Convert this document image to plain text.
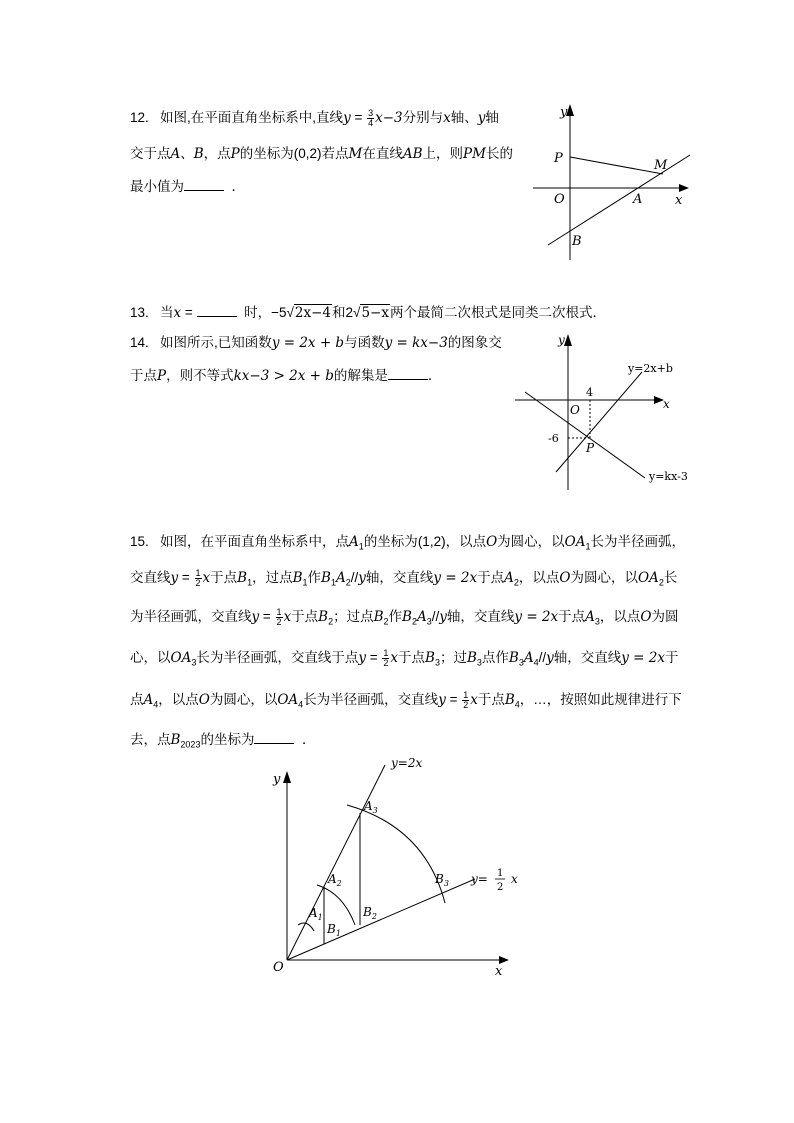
12. 如图,在平面直角坐标系中,直线$y = \frac{3}{4} x-3$分别与x轴、y轴
交于点A、B，点P的坐标为(0,2)若点M在直线AB上，则PM长的
最小值为	．
y
x
O
P	M
A
B
13. 当x =	时，−5√2x−4和2√5−x两个最简二次根式是同类二次根式．
14. 如图所示,已知函数y = 2x + b与函数y = kx−3的图象交
于点P，则不等式kx−3 > 2x + b的解集是	．
y
x
O
P
4
-6
y=2x+b
y=kx-3
15. 如图，在平面直角坐标系中，点$A_1$的坐标为(1,2)，以点O为圆心，以$OA_1$长为半径画弧，
交直线$y = \frac{1}{2}$ x于点$B_1$，过点$B_1$作$B_1A_2//y$轴，交直线y = 2x于点$A_2$，以点O为圆心，以$OA_2$长
为半径画弧，交直线$y = \frac{1}{2}$ x于点$B_2$；过点$B_2$作$B_2A_3//y$轴，交直线y = 2x于点$A_3$，以点O为圆
心，以$OA_3$长为半径画弧，交直线于点$y = \frac{1}{2}$ x于点$B_3$；过$B_3$点作$B_3A_4//y$轴，交直线y = 2x于
点$A_4$，以点O为圆心，以$OA_4$长为半径画弧，交直线$y = \frac{1}{2}$ x于点$B_4$，…，按照如此规律进行下
去，点$B_{2023}$的坐标为	．
y
x
O
y=2x
y= 1
2
x
$A_1$
$A_2$
$A_3$
$B_1$
$B_2$
$B_3$
